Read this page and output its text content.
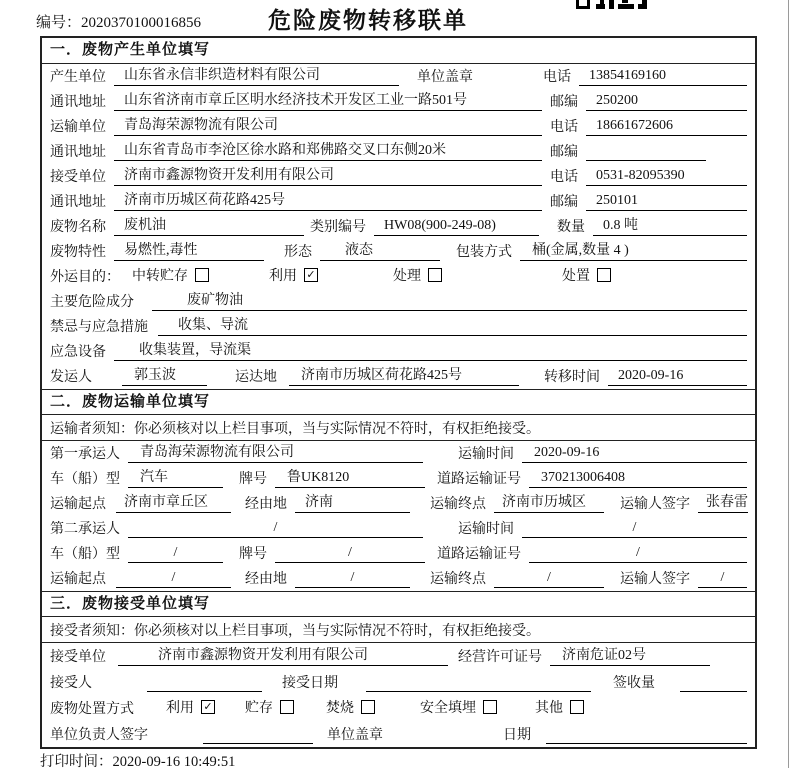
编号：2020370100016856	危险废物转移联单
一．废物产生单位填写
产生单位	山东省永信非织造材料有限公司	单位盖章	电话	13854169160
通讯地址	山东省济南市章丘区明水经济技术开发区工业一路501号	邮编	250200
运输单位	青岛海荣源物流有限公司	电话	18661672606
通讯地址	山东省青岛市李沧区徐水路和郑佛路交叉口东侧20米	邮编
接受单位	济南市鑫源物资开发利用有限公司	电话	0531-82095390
通讯地址	济南市历城区荷花路425号	邮编	250101
废物名称	废机油	类别编号	HW08(900-249-08)	数量	0.8 吨
废物特性	易燃性,毒性	形态	液态	包装方式	桶(金属,数量 4 )
外运目的： 中转贮存	利用 ✓	处理	处置
主要危险成分	废矿物油
禁忌与应急措施	收集、导流
应急设备	收集装置，导流渠
发运人	郭玉波	运达地	济南市历城区荷花路425号	转移时间	2020-09-16
二．废物运输单位填写
运输者须知：你必须核对以上栏目事项，当与实际情况不符时，有权拒绝接受。
第一承运人	青岛海荣源物流有限公司	运输时间	2020-09-16
车（船）型	汽车	牌号	鲁UK8120	道路运输证号	370213006408
运输起点	济南市章丘区	经由地	济南	运输终点	济南市历城区	运输人签字	张春雷
第二承运人	/	运输时间	/
车（船）型	/	牌号	/	道路运输证号	/
运输起点	/	经由地	/	运输终点	/	运输人签字	/
三．废物接受单位填写
接受者须知：你必须核对以上栏目事项，当与实际情况不符时，有权拒绝接受。
接受单位	济南市鑫源物资开发利用有限公司	经营许可证号	济南危证02号
接受人	接受日期	签收量
废物处置方式 利用 ✓ 贮存	焚烧	安全填埋	其他
单位负责人签字	单位盖章	日期
打印时间：2020-09-16 10:49:51
